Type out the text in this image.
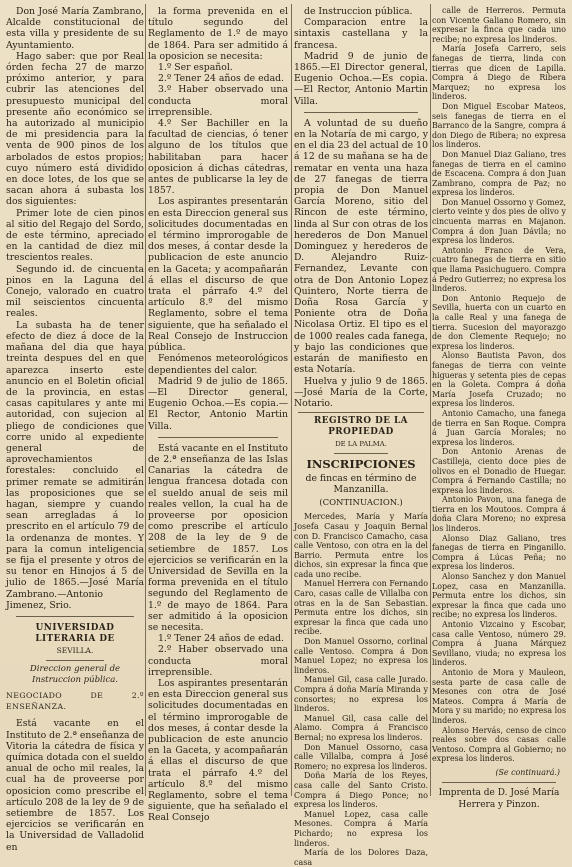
Don José María Zambrano, Alcalde constitucional de esta villa y presidente de su Ayuntamiento.

Hago saber: que por Real órden fecha 27 de marzo próximo anterior, y para cubrir las atenciones del presupuesto municipal del presente año económico se ha autorizado al municipio de mi presidencia para la venta de 900 pinos de los arbolados de estos propios; cuyo número está dividido en doce lotes, de los que se sacan ahora á subasta los dos siguientes:

Primer lote de cien pinos al sitio del Regajo del Sordo, de este término, apreciado en la cantidad de diez mil trescientos reales.

Segundo id. de cincuenta pinos en la Laguna del Conejo, valorado en cuatro mil seiscientos cincuenta reales.

La subasta ha de tener efecto de diez á doce de la mañana del dia que haya treinta despues del en que aparezca inserto este anuncio en el Boletin oficial de la provincia, en estas casas capitulares y ante mi autoridad, con sujecion al pliego de condiciones que corre unido al expediente general de aprovechamientos forestales: concluido el primer remate se admitirán las proposiciones que se hagan, siempre y cuando sean arregladas á lo prescrito en el artículo 79 de la ordenanza de montes. Y para la comun inteligencia se fija el presente y otros de su tenor en Hinojos á 5 de julio de 1865.—José María Zambrano.—Antonio Jimenez, Srio.

UNIVERSIDAD LITERARIA DE

SEVILLA.

Direccion general de Instruccion pública.

NEGOCIADO DE 2.º ENSEÑANZA.

Está vacante en el Instituto de 2.ª enseñanza de Vitoria la cátedra de física y química dotada con el sueldo anual de ocho mil reales, la cual ha de proveerse por oposicion como prescribe el artículo 208 de la ley de 9 de setiembre de 1857. Los ejercicios se verificarán en la Universidad de Valladolid en

la forma prevenida en el título segundo del Reglamento de 1.º de mayo de 1864. Para ser admitido á la oposicion se necesita:

1.º Ser español.

2.º Tener 24 años de edad.

3.º Haber observado una conducta moral irreprensible.

4.º Ser Bachiller en la facultad de ciencias, ó tener alguno de los títulos que habilitaban para hacer oposicion á dichas cátedras, antes de publicarse la ley de 1857.

Los aspirantes presentarán en esta Direccion general sus solicitudes documentadas en el término improrogable de dos meses, á contar desde la publicacion de este anuncio en la Gaceta; y acompañarán á ellas el discurso de que trata el párrafo 4.º del artículo 8.º del mismo Reglamento, sobre el tema siguiente, que ha señalado el Real Consejo de Instruccion pública.

Fenómenos meteorológicos dependientes del calor.

Madrid 9 de julio de 1865.—El Director general, Eugenio Ochoa.—Es copia.—El Rector, Antonio Martin Villa.

Está vacante en el Instituto de 2.ª enseñanza de las Islas Canarias la cátedra de lengua francesa dotada con el sueldo anual de seis mil reales vellon, la cual ha de proveerse por oposicion como prescribe el artículo 208 de la ley de 9 de setiembre de 1857. Los ejercicios se verificarán en la Universidad de Sevilla en la forma prevenida en el título segundo del Reglamento de 1.º de mayo de 1864. Para ser admitido á la oposicion se necesita.

1.º Tener 24 años de edad.

2.º Haber observado una conducta moral irreprensible.

Los aspirantes presentarán en esta Direccion general sus solicitudes documentadas en el término improrogable de dos meses, á contar desde la publicacion de este anuncio en la Gaceta, y acompañarán á ellas el discurso de que trata el párrafo 4.º del artículo 8.º del mismo Reglamento, sobre el tema siguiente, que ha señalado el Real Consejo

de Instruccion pública.

Comparacion entre la sintaxis castellana y la francesa.

Madrid 9 de junio de 1865.—El Director general, Eugenio Ochoa.—Es copia.—El Rector, Antonio Martin Villa.

A voluntad de su dueño en la Notaría de mi cargo, y en el dia 23 del actual de 10 á 12 de su mañana se ha de rematar en venta una haza de 27 fanegas de tierra propia de Don Manuel García Moreno, sitio del Rincon de este término, linda al Sur con otras de los herederos de Don Manuel Dominguez y herederos de D. Alejandro Ruiz-Fernandez, Levante con otra de Don Antonio Lopez Quintero, Norte tierra de Doña Rosa García y Poniente otra de Doña Nicolasa Ortiz. El tipo es el de 1000 reales cada fanega, y bajo las condiciones que estarán de manifiesto en esta Notaría.

Huelva y julio 9 de 1865.—José María de la Corte, Notario.

REGISTRO DE LA PROPIEDAD

DE LA PALMA.

INSCRIPCIONES

de fincas en término de Manzanilla.

(CONTINUACION.)

Mercedes, María y María Josefa Casau y Joaquin Bernal con D. Francisco Camacho, casa calle Ventoso, con otra en la del Barrio. Permuta entre los dichos, sin expresar la finca que cada uno recibe.

Manuel Herrera con Fernando Caro, casas calle de Villalba con otras en la de San Sebastian. Permuta entre los dichos, sin expresar la finca que cada uno recibe.

Don Manuel Ossorno, corlinal calle Ventoso. Compra á Don Manuel Lopez; no expresa los linderos.

Manuel Gil, casa calle Jurado. Compra á doña María Miranda y consortes; no expresa los linderos.

Manuel Gil, casa calle del Alamo. Compra á Francisco Bernal; no expresa los linderos.

Don Manuel Ossorno, casa calle Villalba, compra á José Romero; no expresa los linderos.

Doña María de los Reyes, casa calle del Santo Cristo. Compra á Diego Ponce; no expresa los linderos.

Manuel Lopez, casa calle Mesones. Compra á María Pichardo; no expresa los linderos.

María de los Dolores Daza, casa

calle de Herreros. Permuta con Vicente Galiano Romero, sin expresar la finca que cada uno recibe; no expresa los linderos.

María Josefa Carrero, seis fanegas de tierra, linda con tierras que dicen de Lapilla. Compra á Diego de Ribera Marquez; no expresa los linderos.

Don Miguel Escobar Mateos, seis fanegas de tierra en el Barranco de la Sangre, compra á don Diego de Ribera; no expresa los linderos.

Don Manuel Diaz Galiano, tres fanegas de tierra en el camino de Escacena. Compra á don Juan Zambrano, compra de Paz; no expresa los linderos.

Don Manuel Ossorno y Gomez, cierto veinte y dos pies de olivo y cincuenta marras en Majanon. Compra á don Juan Dávila; no expresa los linderos.

Antonio Franco de Vera, cuatro fanegas de tierra en sitio que llama Pasichuguero. Compra á Pedro Gutierrez; no expresa los linderos.

Don Antonio Requejo de Sevilla, huerta con un cuarto en la calle Real y una fanega de tierra. Sucesion del mayorazgo de don Clemente Requejo; no expresa los linderos.

Alonso Bautista Pavon, dos fanegas de tierra con veinte higueras y setenta pies de cepas en la Goleta. Compra á doña María Josefa Cruzado; no expresa los linderos.

Antonio Camacho, una fanega de tierra en San Roque. Compra á Juan García Morales; no expresa los linderos.

Don Antonio Arenas de Castilleja, ciento doce pies de olivos en el Donadio de Huegar. Compra á Fernando Castilla; no expresa los linderos.

Antonio Pavon, una fanega de tierra en los Moutoos. Compra á doña Clara Moreno; no expresa los linderos.

Alonso Diaz Galiano, tres fanegas de tierra en Pinganillo. Compra á Lúcas Peña; no expresa los linderos.

Alonso Sanchez y don Manuel Lopez, casa en Manzanilla. Permuta entre los dichos, sin expresar la finca que cada uno recibe; no expresa los linderos.

Antonio Vizcaino y Escobar, casa calle Ventoso, número 29. Compra á Juana Márquez Sevillano, viuda; no expresa los linderos.

Antonio de Mora y Mauleon, sesta parte de casa calle de Mesones con otra de José Mateos. Compra á María de Mora y su marido; no expresa los linderos.

Alonso Hervás, censo de cinco reales sobre dos casas calle Ventoso. Compra al Gobierno; no expresa los linderos.

(Se continuará.)

Imprenta de D. José María

Herrera y Pinzon.
